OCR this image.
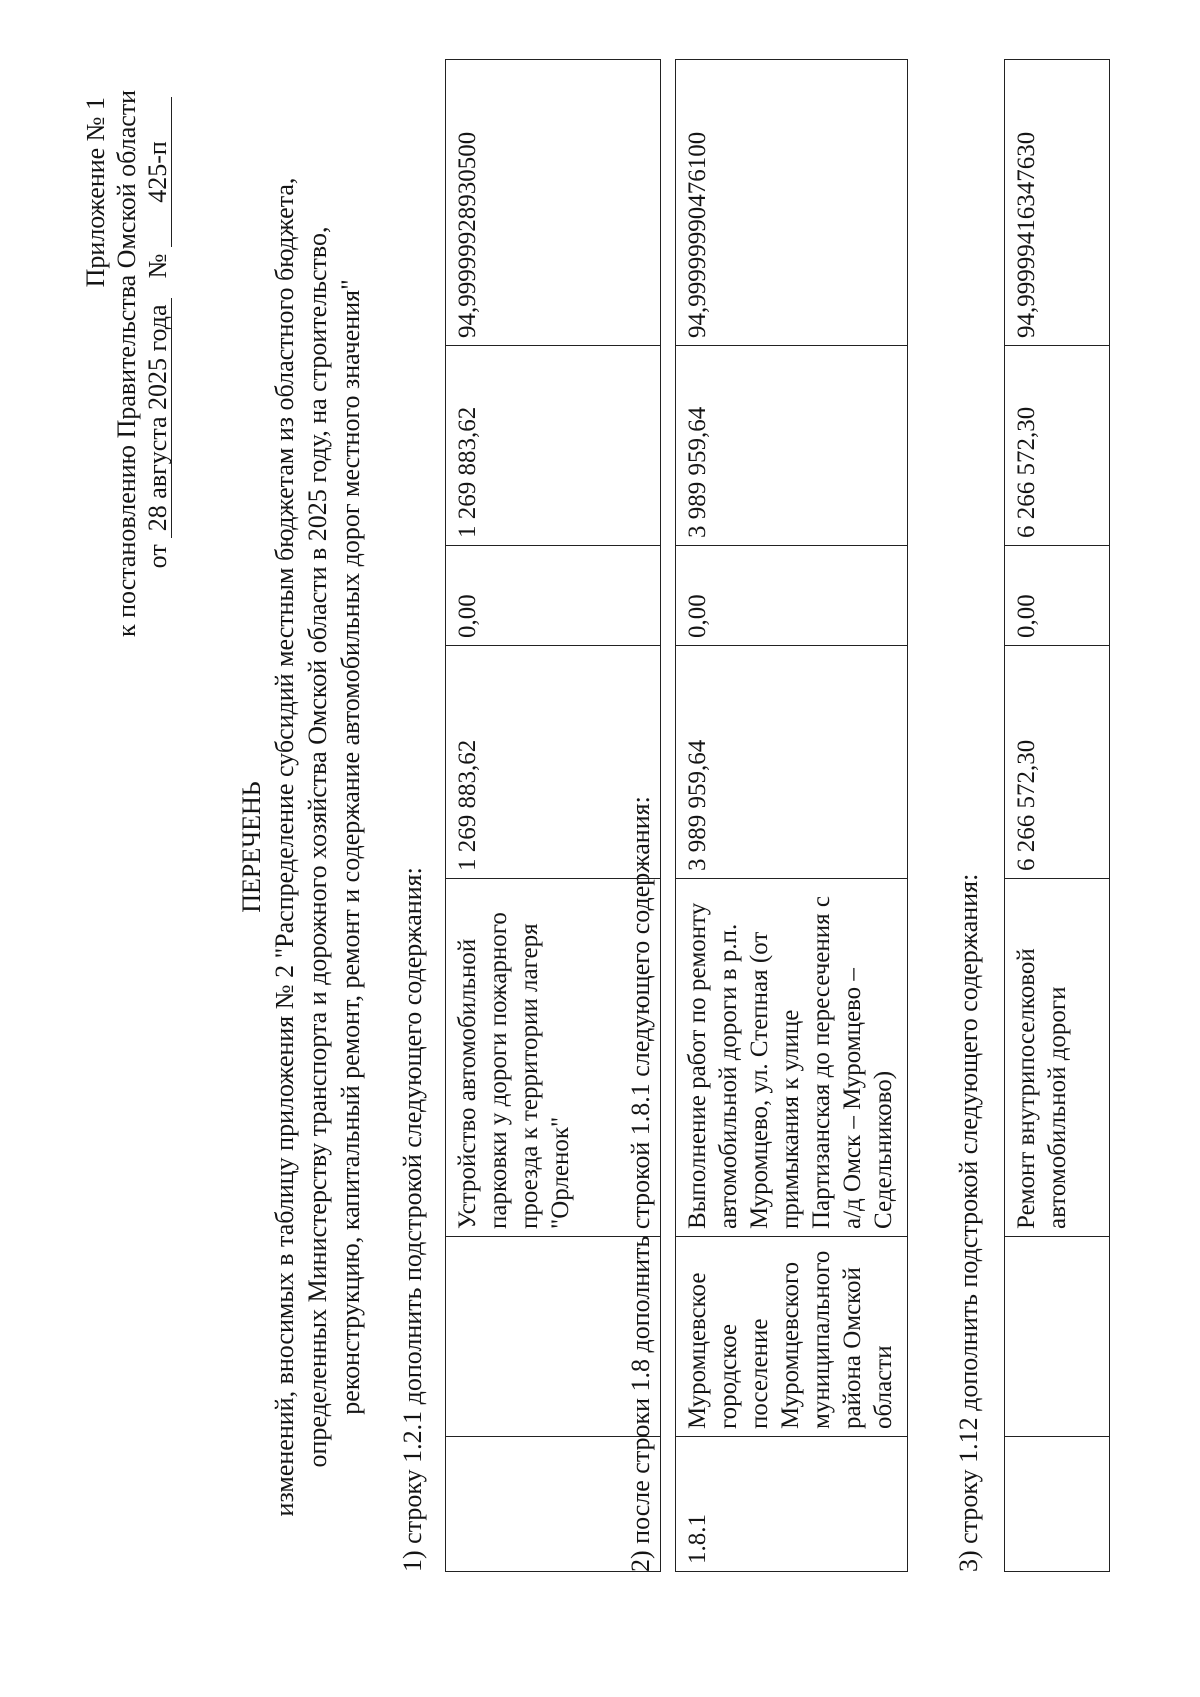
Приложение № 1 к постановлению Правительства Омской области от 28 августа 2025 года   № 425-п
ПЕРЕЧЕНЬ изменений, вносимых в таблицу приложения № 2 "Распределение субсидий местным бюджетам из областного бюджета, определенных Министерству транспорта и дорожного хозяйства Омской области в 2025 году, на строительство, реконструкцию, капитальный ремонт, ремонт и содержание автомобильных дорог местного значения" 1) строку 1.2.1 дополнить подстрокой следующего содержания:
		Устройство автомобильной парковки у дороги пожарного проезда к территории лагеря "Орленок"	1 269 883,62	0,00	1 269 883,62	94,9999992893050​0
2) после строки 1.8 дополнить строкой 1.8.1 следующего содержания: 1.8.1	Муромцевское городское поселение Муромцевского муниципального района Омской области	Выполнение работ по ремонту автомобильной дороги в р.п. Муромцево, ул. Степная (от примыкания к улице Партизанская до пересечения с а/д Омск – Муромцево – Седельниково)	3 989 959,64	0,00	3 989 959,64	94,9999999047610​0
3) строку 1.12 дополнить подстрокой следующего содержания:
		Ремонт внутрипоселковой автомобильной дороги	6 266 572,30	0,00	6 266 572,30	94,9999941634763​0
